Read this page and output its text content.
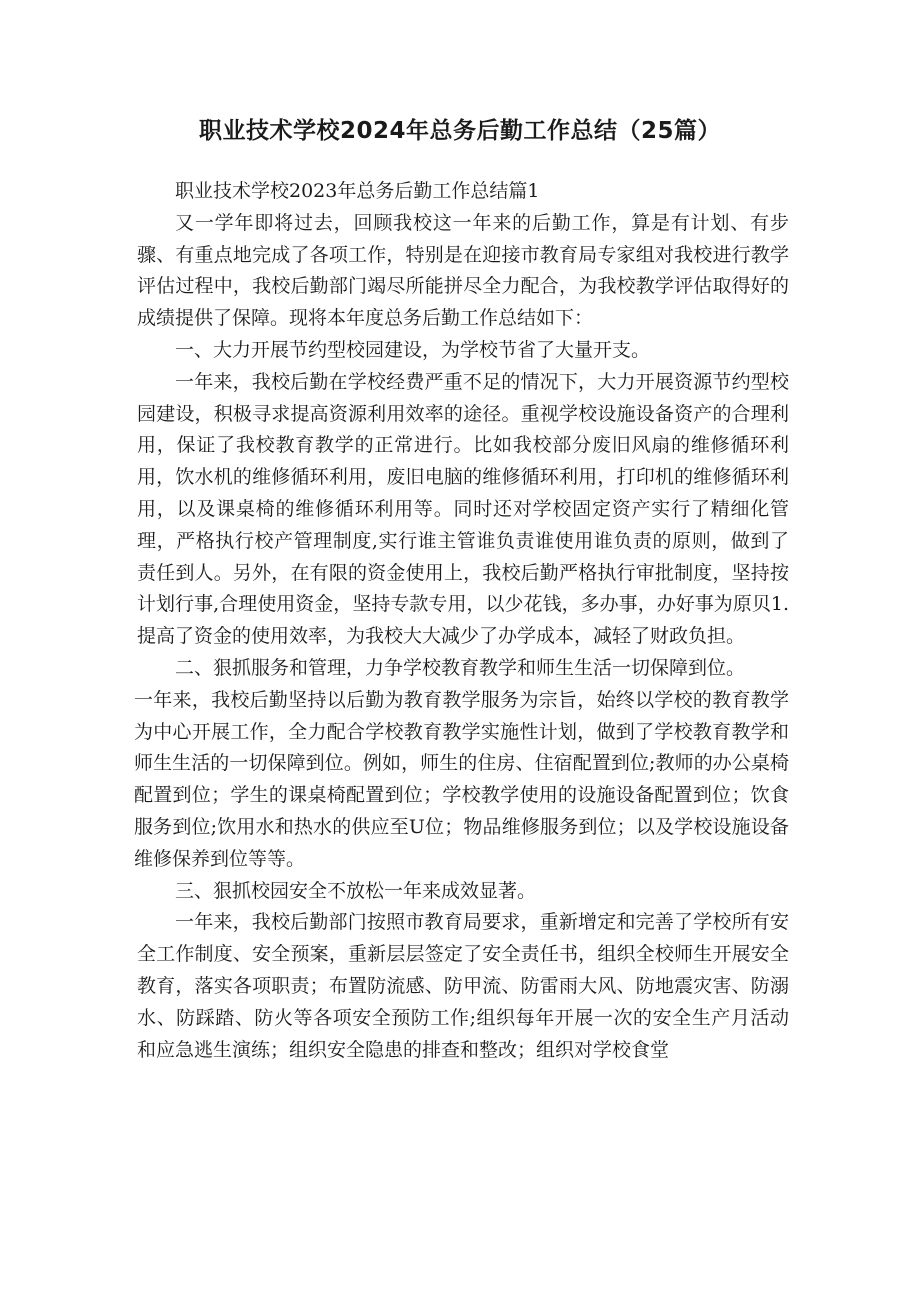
职业技术学校2024年总务后勤工作总结（25篇）

职业技术学校2023年总务后勤工作总结篇1

又一学年即将过去，回顾我校这一年来的后勤工作，算是有计划、有步骤、有重点地完成了各项工作，特别是在迎接市教育局专家组对我校进行教学评估过程中，我校后勤部门竭尽所能拼尽全力配合，为我校教学评估取得好的成绩提供了保障。现将本年度总务后勤工作总结如下：

一、大力开展节约型校园建设，为学校节省了大量开支。

一年来，我校后勤在学校经费严重不足的情况下，大力开展资源节约型校园建设，积极寻求提高资源利用效率的途径。重视学校设施设备资产的合理利用，保证了我校教育教学的正常进行。比如我校部分废旧风扇的维修循环利用，饮水机的维修循环利用，废旧电脑的维修循环利用，打印机的维修循环利用，以及课桌椅的维修循环利用等。同时还对学校固定资产实行了精细化管理，严格执行校产管理制度,实行谁主管谁负责谁使用谁负责的原则，做到了责任到人。另外，在有限的资金使用上，我校后勤严格执行审批制度，坚持按计划行事,合理使用资金，坚持专款专用，以少花钱，多办事，办好事为原贝1.提高了资金的使用效率，为我校大大减少了办学成本，减轻了财政负担。

二、狠抓服务和管理，力争学校教育教学和师生生活一切保障到位。

一年来，我校后勤坚持以后勤为教育教学服务为宗旨，始终以学校的教育教学为中心开展工作，全力配合学校教育教学实施性计划，做到了学校教育教学和师生生活的一切保障到位。例如，师生的住房、住宿配置到位;教师的办公桌椅配置到位；学生的课桌椅配置到位；学校教学使用的设施设备配置到位；饮食服务到位;饮用水和热水的供应至U位；物品维修服务到位；以及学校设施设备维修保养到位等等。

三、狠抓校园安全不放松一年来成效显著。

一年来，我校后勤部门按照市教育局要求，重新增定和完善了学校所有安全工作制度、安全预案，重新层层签定了安全责任书，组织全校师生开展安全教育，落实各项职责；布置防流感、防甲流、防雷雨大风、防地震灾害、防溺水、防踩踏、防火等各项安全预防工作;组织每年开展一次的安全生产月活动和应急逃生演练；组织安全隐患的排查和整改；组织对学校食堂
